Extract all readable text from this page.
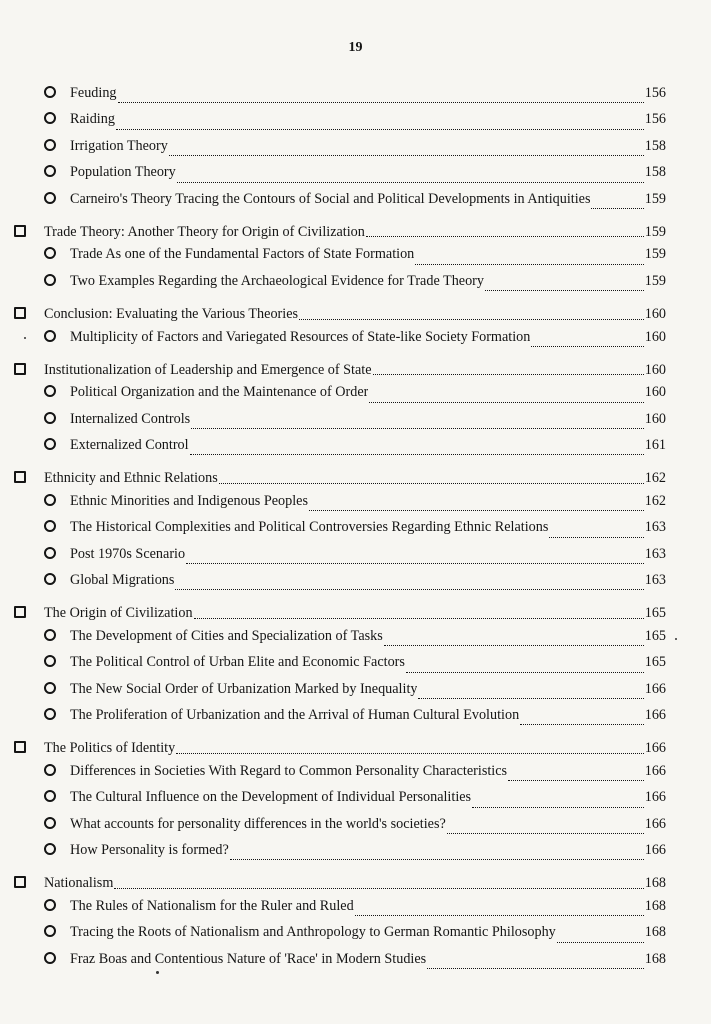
19
Feuding	156
Raiding	156
Irrigation Theory	158
Population Theory	158
Carneiro's Theory Tracing the Contours of Social and Political Developments in Antiquities	159
Trade Theory: Another Theory for Origin of Civilization	159
Trade As one of the Fundamental Factors of State Formation	159
Two Examples Regarding the Archaeological Evidence for Trade Theory	159
Conclusion: Evaluating the Various Theories	160
Multiplicity of Factors and Variegated Resources of State-like Society Formation	160
Institutionalization of Leadership and Emergence of State	160
Political Organization and the Maintenance of Order	160
Internalized Controls	160
Externalized Control	161
Ethnicity and Ethnic Relations	162
Ethnic Minorities and Indigenous Peoples	162
The Historical Complexities and Political Controversies Regarding Ethnic Relations	163
Post 1970s Scenario	163
Global Migrations	163
The Origin of Civilization	165
The Development of Cities and Specialization of Tasks	165
The Political Control of Urban Elite and Economic Factors	165
The New Social Order of Urbanization Marked by Inequality	166
The Proliferation of Urbanization and the Arrival of Human Cultural Evolution	166
The Politics of Identity	166
Differences in Societies With Regard to Common Personality Characteristics	166
The Cultural Influence on the Development of Individual Personalities	166
What accounts for personality differences in the world's societies?	166
How Personality is formed?	166
Nationalism	168
The Rules of Nationalism for the Ruler and Ruled	168
Tracing the Roots of Nationalism and Anthropology to German Romantic Philosophy	168
Fraz Boas and Contentious Nature of 'Race' in Modern Studies	168
